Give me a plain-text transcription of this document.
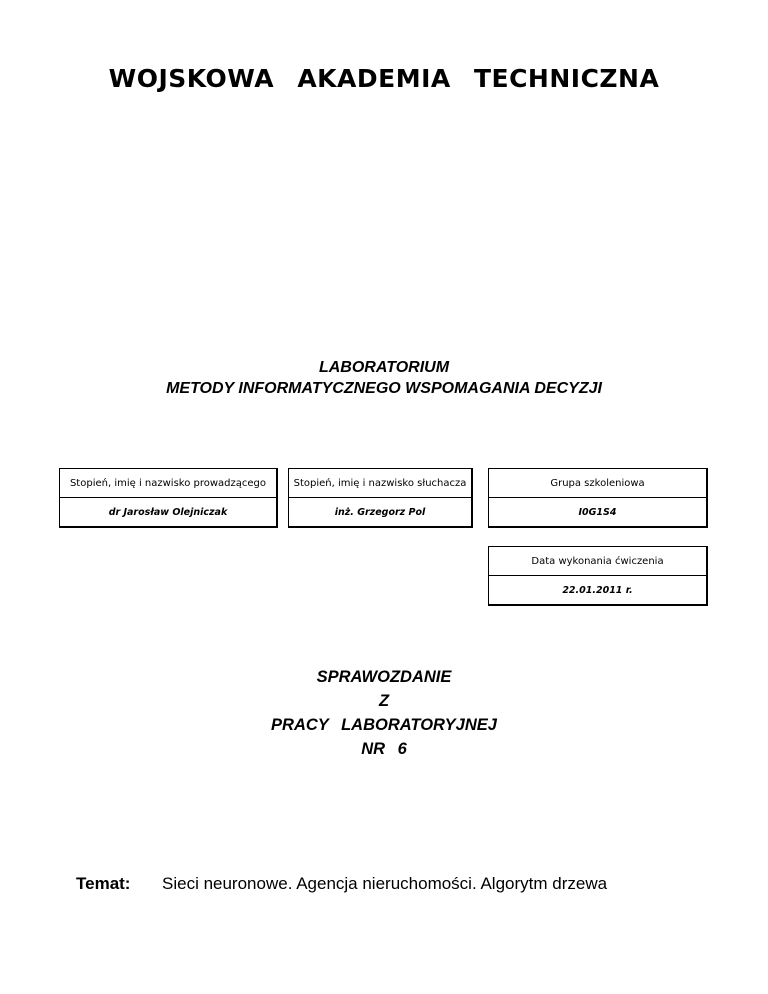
WOJSKOWA AKADEMIA TECHNICZNA
LABORATORIUM
METODY INFORMATYCZNEGO WSPOMAGANIA DECYZJI
Stopień, imię i nazwisko prowadzącego
dr Jarosław Olejniczak
Stopień, imię i nazwisko słuchacza
inż. Grzegorz Pol
Grupa szkoleniowa
I0G1S4
Data wykonania ćwiczenia
22.01.2011 r.
SPRAWOZDANIE
Z
PRACY LABORATORYJNEJ
NR 6
Temat: Sieci neuronowe. Agencja nieruchomości. Algorytm drzewa
